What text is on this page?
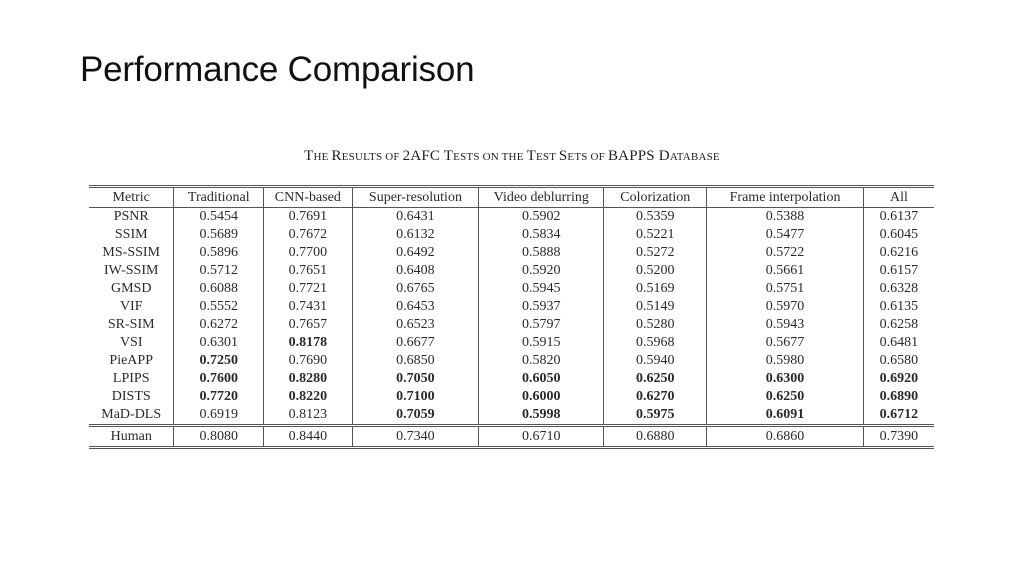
Performance Comparison
THE RESULTS OF 2AFC TESTS ON THE TEST SETS OF BAPPS DATABASE
Metric	Traditional	CNN-based	Super-resolution	Video deblurring	Colorization	Frame interpolation	All
PSNR	0.5454	0.7691	0.6431	0.5902	0.5359	0.5388	0.6137
SSIM	0.5689	0.7672	0.6132	0.5834	0.5221	0.5477	0.6045
MS-SSIM	0.5896	0.7700	0.6492	0.5888	0.5272	0.5722	0.6216
IW-SSIM	0.5712	0.7651	0.6408	0.5920	0.5200	0.5661	0.6157
GMSD	0.6088	0.7721	0.6765	0.5945	0.5169	0.5751	0.6328
VIF	0.5552	0.7431	0.6453	0.5937	0.5149	0.5970	0.6135
SR-SIM	0.6272	0.7657	0.6523	0.5797	0.5280	0.5943	0.6258
VSI	0.6301	0.8178	0.6677	0.5915	0.5968	0.5677	0.6481
PieAPP	0.7250	0.7690	0.6850	0.5820	0.5940	0.5980	0.6580
LPIPS	0.7600	0.8280	0.7050	0.6050	0.6250	0.6300	0.6920
DISTS	0.7720	0.8220	0.7100	0.6000	0.6270	0.6250	0.6890
MaD-DLS	0.6919	0.8123	0.7059	0.5998	0.5975	0.6091	0.6712
Human	0.8080	0.8440	0.7340	0.6710	0.6880	0.6860	0.7390
